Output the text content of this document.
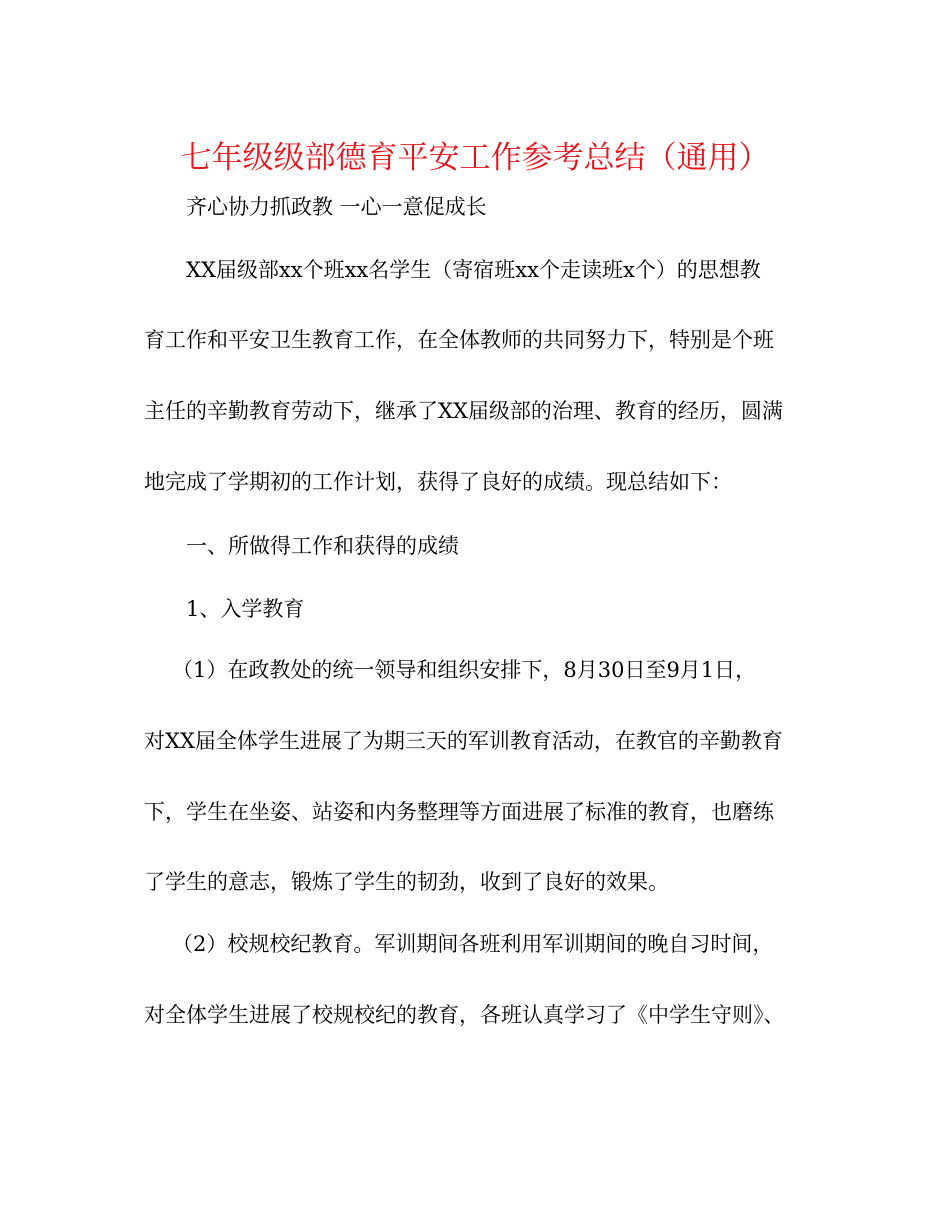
七年级级部德育平安工作参考总结（通用）
齐心协力抓政教 一心一意促成长
XX届级部xx个班xx名学生（寄宿班xx个走读班x个）的思想教
育工作和平安卫生教育工作，在全体教师的共同努力下，特别是个班
主任的辛勤教育劳动下，继承了XX届级部的治理、教育的经历，圆满
地完成了学期初的工作计划，获得了良好的成绩。现总结如下：
一、所做得工作和获得的成绩
1、入学教育
（1）在政教处的统一领导和组织安排下，8月30日至9月1日，
对XX届全体学生进展了为期三天的军训教育活动，在教官的辛勤教育
下，学生在坐姿、站姿和内务整理等方面进展了标准的教育，也磨练
了学生的意志，锻炼了学生的韧劲，收到了良好的效果。
（2）校规校纪教育。军训期间各班利用军训期间的晚自习时间，
对全体学生进展了校规校纪的教育，各班认真学习了《中学生守则》、
